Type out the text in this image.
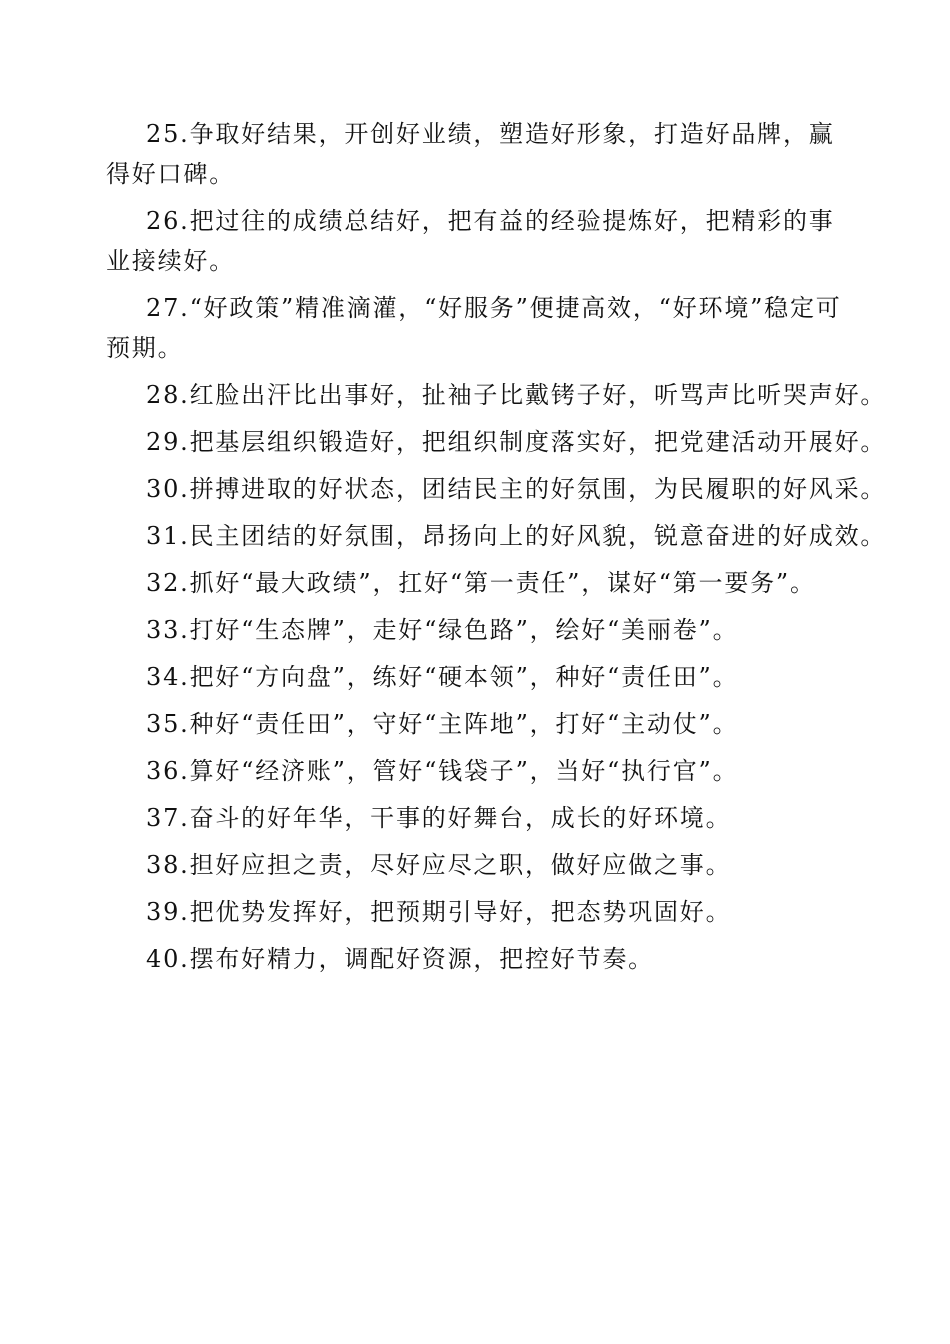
25.争取好结果，开创好业绩，塑造好形象，打造好品牌，赢得好口碑。

26.把过往的成绩总结好，把有益的经验提炼好，把精彩的事业接续好。

27.“好政策”精准滴灌，“好服务”便捷高效，“好环境”稳定可预期。

28.红脸出汗比出事好，扯袖子比戴铐子好，听骂声比听哭声好。

29.把基层组织锻造好，把组织制度落实好，把党建活动开展好。

30.拼搏进取的好状态，团结民主的好氛围，为民履职的好风采。

31.民主团结的好氛围，昂扬向上的好风貌，锐意奋进的好成效。

32.抓好“最大政绩”，扛好“第一责任”，谋好“第一要务”。

33.打好“生态牌”，走好“绿色路”，绘好“美丽卷”。

34.把好“方向盘”，练好“硬本领”，种好“责任田”。

35.种好“责任田”，守好“主阵地”，打好“主动仗”。

36.算好“经济账”，管好“钱袋子”，当好“执行官”。

37.奋斗的好年华，干事的好舞台，成长的好环境。

38.担好应担之责，尽好应尽之职，做好应做之事。

39.把优势发挥好，把预期引导好，把态势巩固好。

40.摆布好精力，调配好资源，把控好节奏。
